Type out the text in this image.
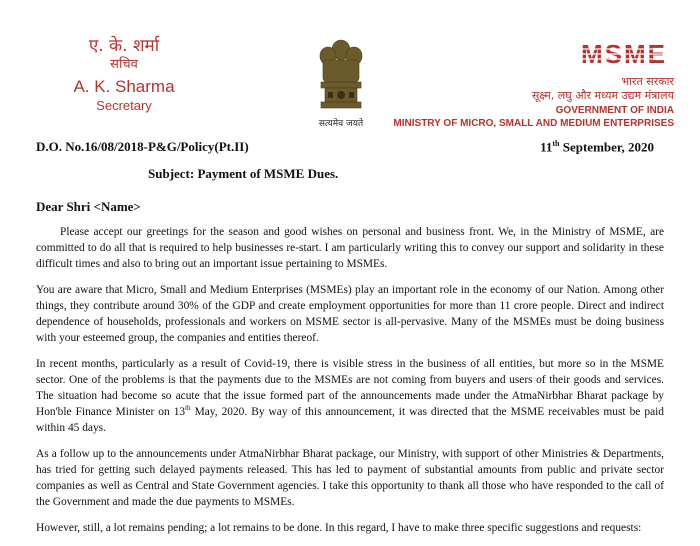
ए. के. शर्मा
सचिव
A. K. Sharma
Secretary
सत्यमेव जयते
MSME
भारत सरकार
सूक्ष्म, लघु और मध्यम उद्यम मंत्रालय
GOVERNMENT OF INDIA
MINISTRY OF MICRO, SMALL AND MEDIUM ENTERPRISES
D.O. No.16/08/2018-P&G/Policy(Pt.II)	11th September, 2020
Subject: Payment of MSME Dues.
Dear Shri <Name>

Please accept our greetings for the season and good wishes on personal and business front. We, in the Ministry of MSME, are committed to do all that is required to help businesses re-start. I am particularly writing this to convey our support and solidarity in these difficult times and also to bring out an important issue pertaining to MSMEs.

You are aware that Micro, Small and Medium Enterprises (MSMEs) play an important role in the economy of our Nation. Among other things, they contribute around 30% of the GDP and create employment opportunities for more than 11 crore people. Direct and indirect dependence of households, professionals and workers on MSME sector is all-pervasive. Many of the MSMEs must be doing business with your esteemed group, the companies and entities thereof.

In recent months, particularly as a result of Covid-19, there is visible stress in the business of all entities, but more so in the MSME sector. One of the problems is that the payments due to the MSMEs are not coming from buyers and users of their goods and services. The situation had become so acute that the issue formed part of the announcements made under the AtmaNirbhar Bharat package by Hon'ble Finance Minister on 13th May, 2020. By way of this announcement, it was directed that the MSME receivables must be paid within 45 days.

As a follow up to the announcements under AtmaNirbhar Bharat package, our Ministry, with support of other Ministries & Departments, has tried for getting such delayed payments released. This has led to payment of substantial amounts from public and private sector companies as well as Central and State Government agencies. I take this opportunity to thank all those who have responded to the call of the Government and made the due payments to MSMEs.

However, still, a lot remains pending; a lot remains to be done. In this regard, I have to make three specific suggestions and requests:
